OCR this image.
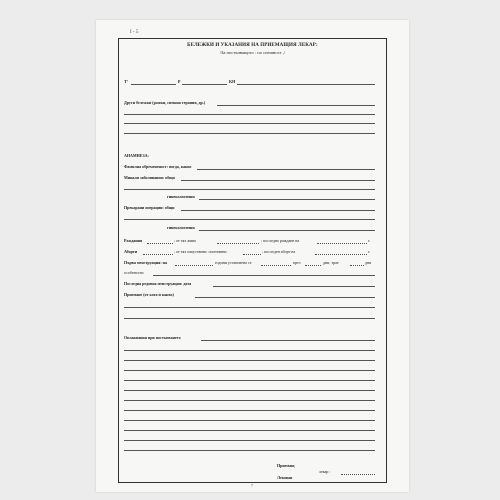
I - 5
БЕЛЕЖКИ И УКАЗАНИЯ НА ПРИЕМАЩИЯ ЛЕКАР:
/За постъпващото : по спешност ,/
T°	P	KH
Други бележки (рожки, спешна терапия, др.)
АНАМНЕЗА:
Фамилна обремененост: вогда, какво
Минали заболявания: общи
гинекологични
Прекарани операции: общи
гинекологични
Раждания	; от тях живо	; последно раждане на	г.
Аборти	; от тях изкуствени: спонтанни	; последен аборт на	г.
Първа менструация: на	години установена се	през	дни, трае	дни
особености
Последна редовна менструация: дата
Приемане (от кога и какво)
Оплаквания при постъпването
Приемащ
лекар :
Лекован
7
